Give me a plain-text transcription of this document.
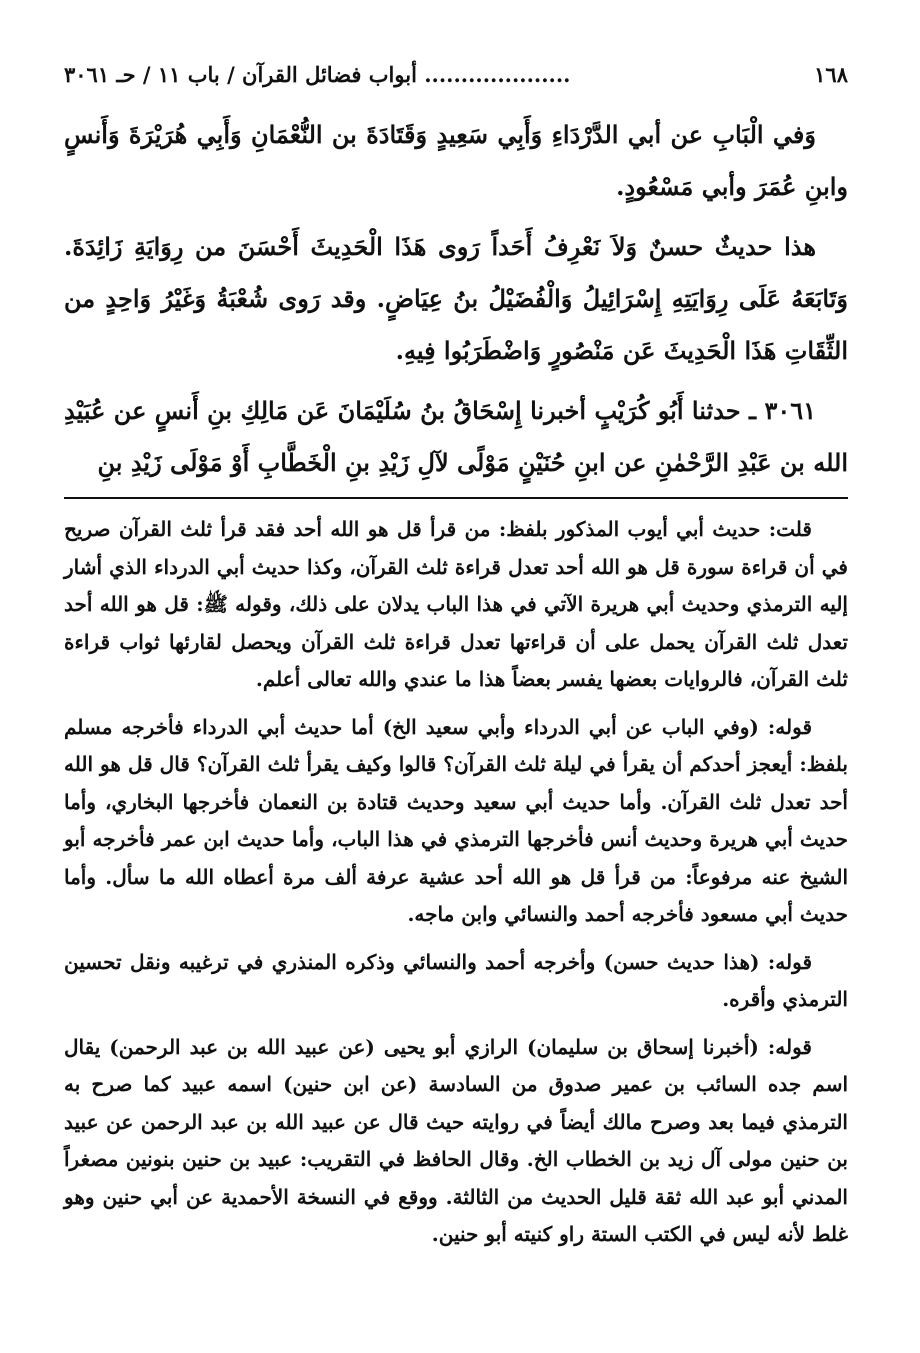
١٦٨
.................... أبواب فضائل القرآن / باب ١١ / حـ ٣٠٦١

وَفي الْبَابِ عن أبي الدَّرْدَاءِ وَأَبِي سَعِيدٍ وَقَتَادَةَ بن النُّعْمَانِ وَأَبِي هُرَيْرَةَ وَأَنسٍ وابنِ عُمَرَ وأبي مَسْعُودٍ.

هذا حديثٌ حسنٌ وَلاَ نَعْرِفُ أَحَداً رَوى هَذَا الْحَدِيثَ أَحْسَنَ من رِوَايَةِ زَائِدَةَ. وَتَابَعَهُ عَلَى رِوَايَتِهِ إِسْرَائِيلُ وَالْفُضَيْلُ بنُ عِيَاضٍ. وقد رَوى شُعْبَةُ وَغَيْرُ وَاحِدٍ من الثِّقَاتِ هَذَا الْحَدِيثَ عَن مَنْصُورٍ وَاضْطَرَبُوا فِيهِ.

٣٠٦١ ـ حدثنا أَبُو كُرَيْبٍ أخبرنا إِسْحَاقُ بنُ سُلَيْمَانَ عَن مَالِكِ بنِ أَنسٍ عن عُبَيْدِ الله بن عَبْدِ الرَّحْمٰنِ عن ابنِ حُنَيْنٍ مَوْلًى لآلِ زَيْدِ بنِ الْخَطَّابِ أَوْ مَوْلَى زَيْدِ بنِ

قلت: حديث أبي أيوب المذكور بلفظ: من قرأ قل هو الله أحد فقد قرأ ثلث القرآن صريح في أن قراءة سورة قل هو الله أحد تعدل قراءة ثلث القرآن، وكذا حديث أبي الدرداء الذي أشار إليه الترمذي وحديث أبي هريرة الآتي في هذا الباب يدلان على ذلك، وقوله ﷺ: قل هو الله أحد تعدل ثلث القرآن يحمل على أن قراءتها تعدل قراءة ثلث القرآن ويحصل لقارئها ثواب قراءة ثلث القرآن، فالروايات بعضها يفسر بعضاً هذا ما عندي والله تعالى أعلم.

قوله: (وفي الباب عن أبي الدرداء وأبي سعيد الخ) أما حديث أبي الدرداء فأخرجه مسلم بلفظ: أيعجز أحدكم أن يقرأ في ليلة ثلث القرآن؟ قالوا وكيف يقرأ ثلث القرآن؟ قال قل هو الله أحد تعدل ثلث القرآن. وأما حديث أبي سعيد وحديث قتادة بن النعمان فأخرجها البخاري، وأما حديث أبي هريرة وحديث أنس فأخرجها الترمذي في هذا الباب، وأما حديث ابن عمر فأخرجه أبو الشيخ عنه مرفوعاً: من قرأ قل هو الله أحد عشية عرفة ألف مرة أعطاه الله ما سأل. وأما حديث أبي مسعود فأخرجه أحمد والنسائي وابن ماجه.

قوله: (هذا حديث حسن) وأخرجه أحمد والنسائي وذكره المنذري في ترغيبه ونقل تحسين الترمذي وأقره.

قوله: (أخبرنا إسحاق بن سليمان) الرازي أبو يحيى (عن عبيد الله بن عبد الرحمن) يقال اسم جده السائب بن عمير صدوق من السادسة (عن ابن حنين) اسمه عبيد كما صرح به الترمذي فيما بعد وصرح مالك أيضاً في روايته حيث قال عن عبيد الله بن عبد الرحمن عن عبيد بن حنين مولى آل زيد بن الخطاب الخ. وقال الحافظ في التقريب: عبيد بن حنين بنونين مصغراً المدني أبو عبد الله ثقة قليل الحديث من الثالثة. ووقع في النسخة الأحمدية عن أبي حنين وهو غلط لأنه ليس في الكتب الستة راو كنيته أبو حنين.
